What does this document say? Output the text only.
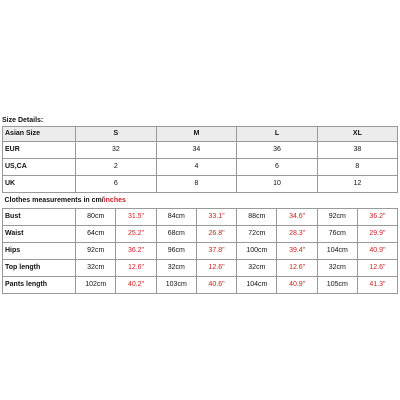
Size Details:
Asian Size	S		M		L		XL	
EUR	32		34		36		38	
US,CA	2		4		6		8	
UK	6		8		10		12	
Clothes measurements in cm/inches								
Bust	80cm	31.5"	84cm	33.1"	88cm	34.6"	92cm	36.2"
Waist	64cm	25.2"	68cm	26.8"	72cm	28.3"	76cm	29.9"
Hips	92cm	36.2"	96cm	37.8"	100cm	39.4"	104cm	40.9"
Top length	32cm	12.6"	32cm	12.6"	32cm	12.6"	32cm	12.6"
Pants length	102cm	40.2"	103cm	40.6"	104cm	40.9"	105cm	41.3"
